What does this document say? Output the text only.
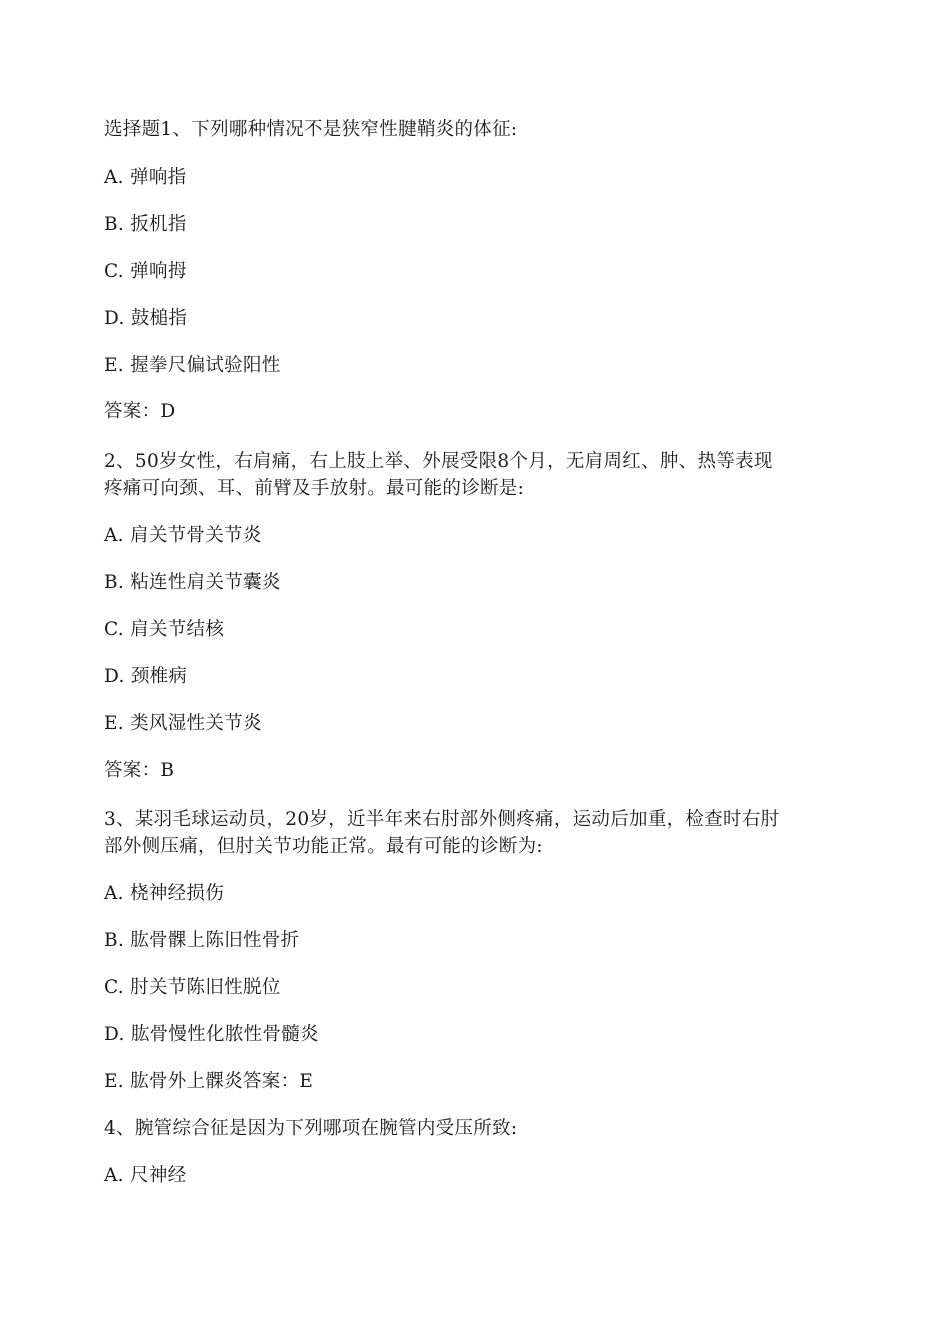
选择题1、下列哪种情况不是狭窄性腱鞘炎的体征:
A. 弹响指
B. 扳机指
C. 弹响拇
D. 鼓槌指
E. 握拳尺偏试验阳性
答案：D
2、50岁女性，右肩痛，右上肢上举、外展受限8个月，无肩周红、肿、热等表现
疼痛可向颈、耳、前臂及手放射。最可能的诊断是:
A. 肩关节骨关节炎
B. 粘连性肩关节囊炎
C. 肩关节结核
D. 颈椎病
E. 类风湿性关节炎
答案：B
3、某羽毛球运动员，20岁，近半年来右肘部外侧疼痛，运动后加重，检查时右肘
部外侧压痛，但肘关节功能正常。最有可能的诊断为:
A. 桡神经损伤
B. 肱骨髁上陈旧性骨折
C. 肘关节陈旧性脱位
D. 肱骨慢性化脓性骨髓炎
E. 肱骨外上髁炎答案：E
4、腕管综合征是因为下列哪项在腕管内受压所致:
A. 尺神经
